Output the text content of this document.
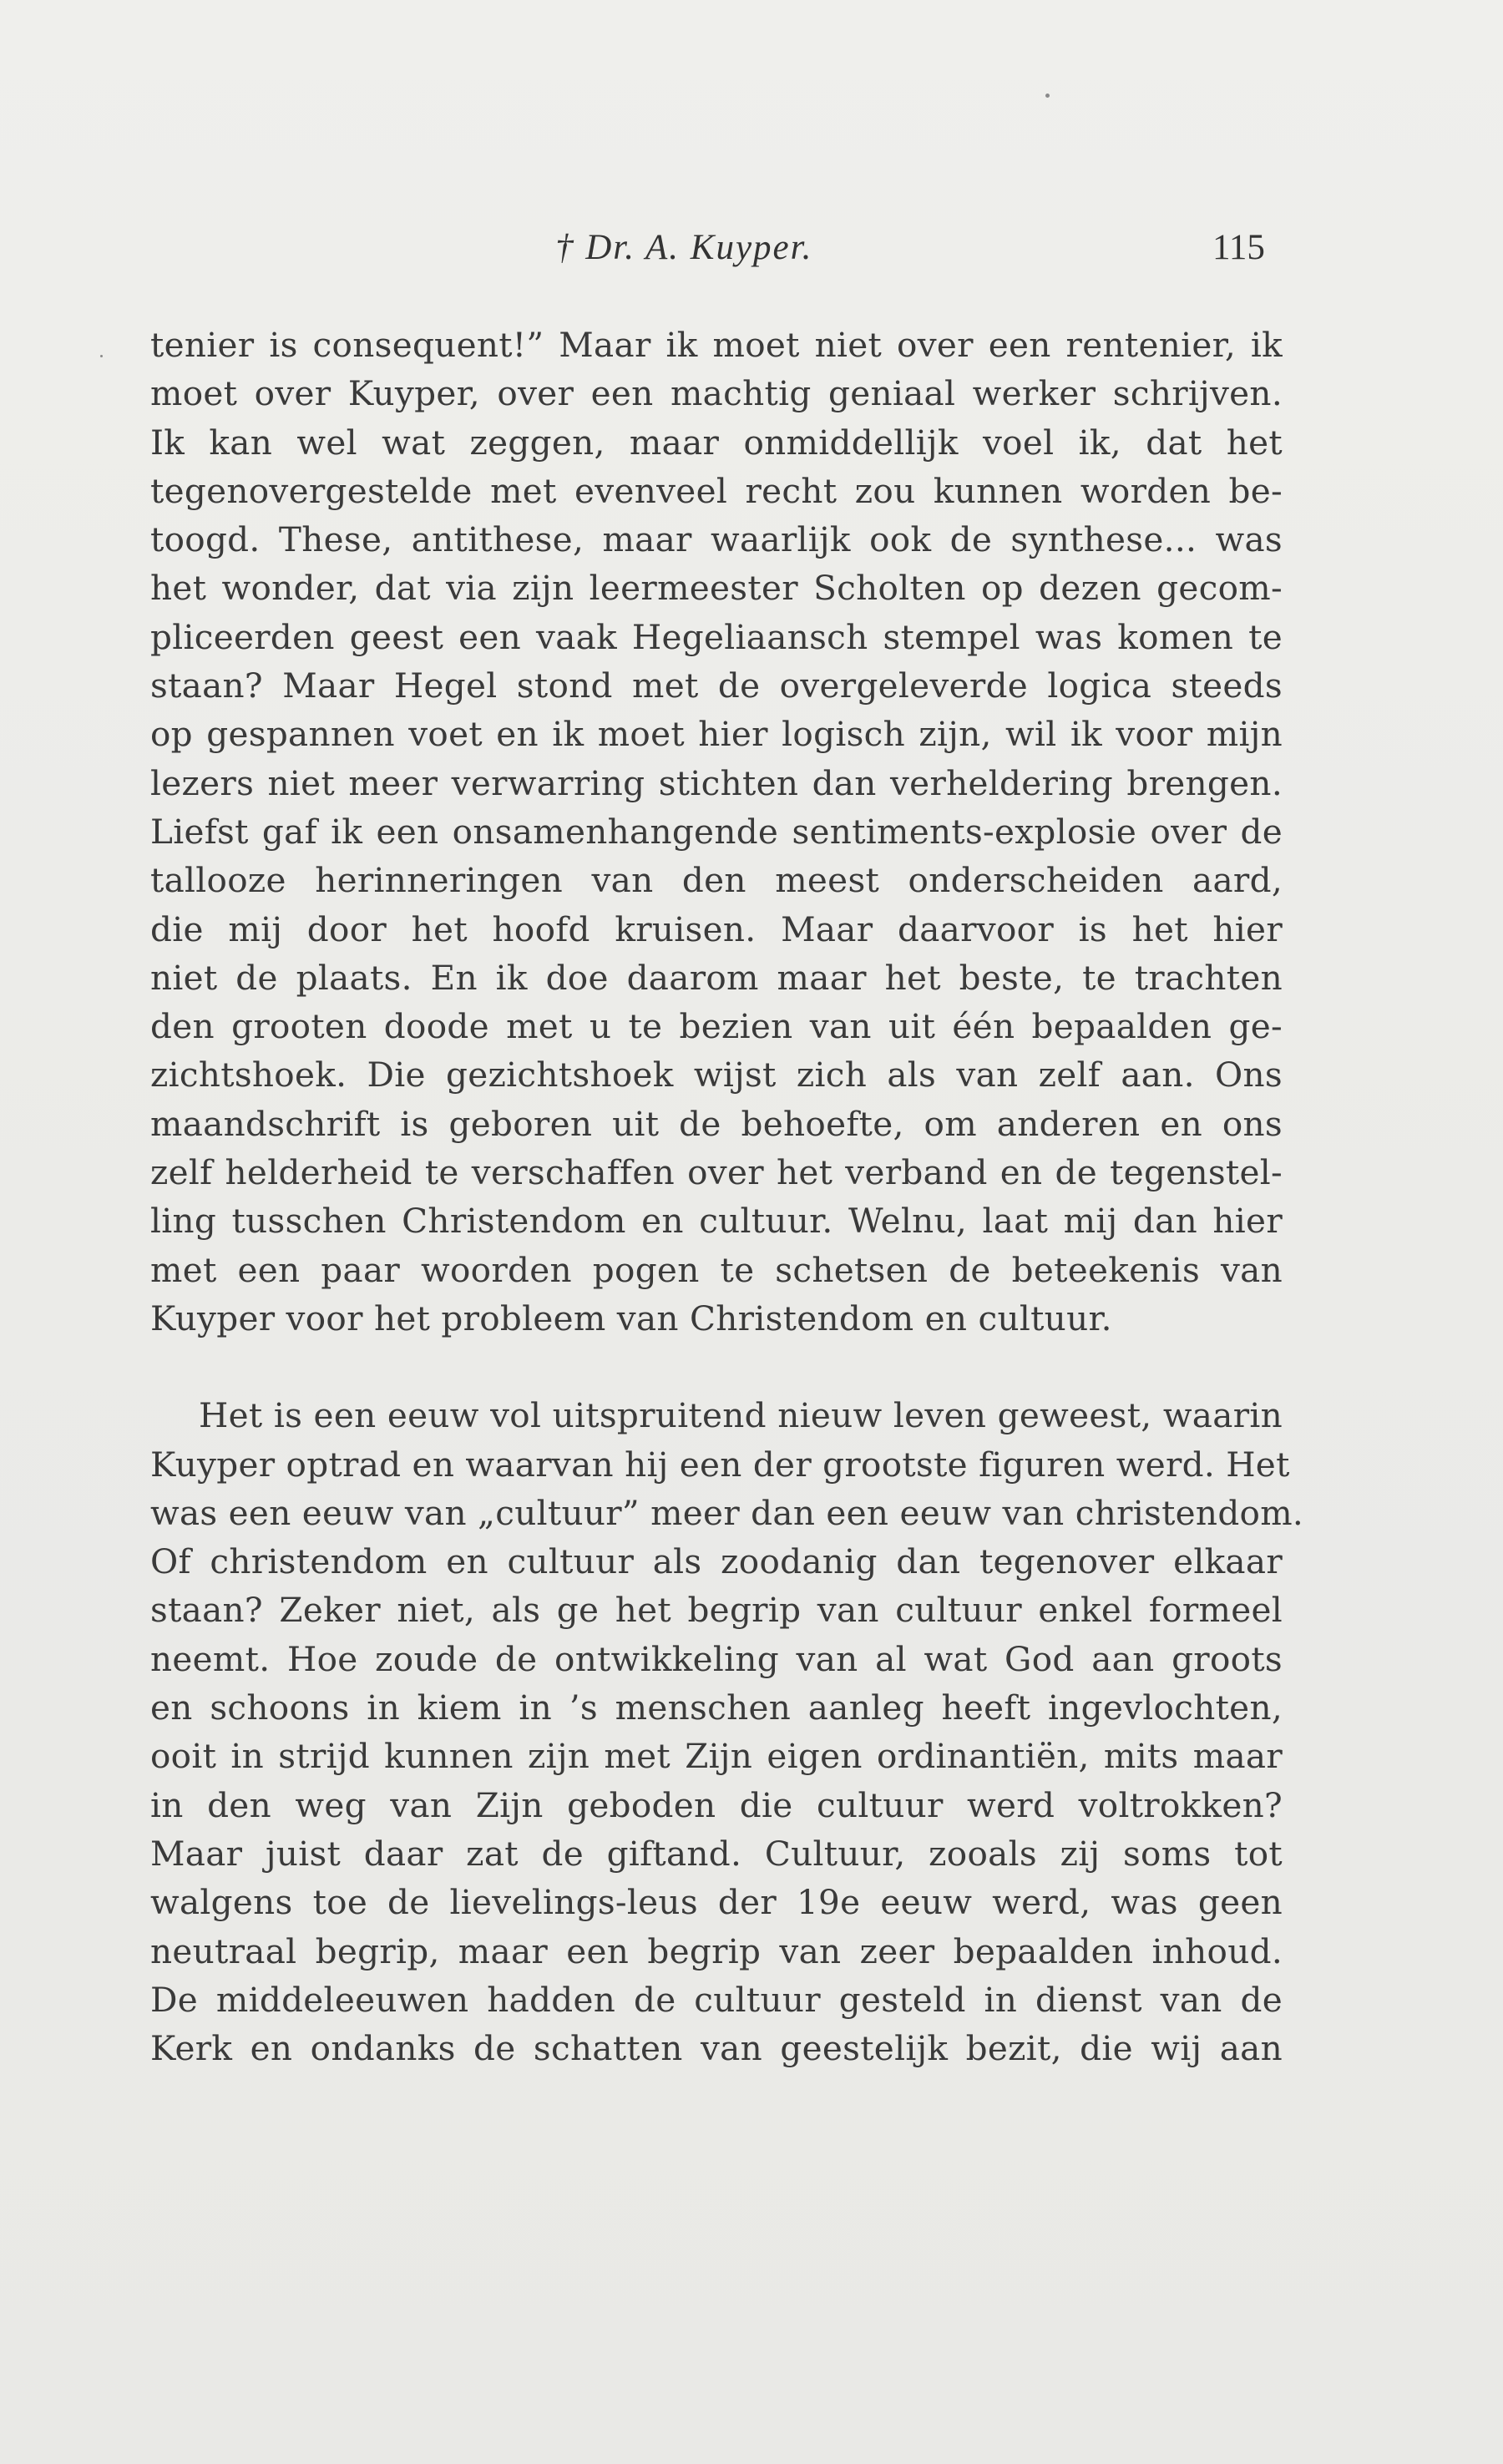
† Dr. A. Kuyper.	115
tenier is consequent!” Maar ik moet niet over een rentenier, ik
moet over Kuyper, over een machtig geniaal werker schrijven.
Ik kan wel wat zeggen, maar onmiddellijk voel ik, dat het
tegenovergestelde met evenveel recht zou kunnen worden be-
toogd. These, antithese, maar waarlijk ook de synthese... was
het wonder, dat via zijn leermeester Scholten op dezen gecom-
pliceerden geest een vaak Hegeliaansch stempel was komen te
staan? Maar Hegel stond met de overgeleverde logica steeds
op gespannen voet en ik moet hier logisch zijn, wil ik voor mijn
lezers niet meer verwarring stichten dan verheldering brengen.
Liefst gaf ik een onsamenhangende sentiments-explosie over de
tallooze herinneringen van den meest onderscheiden aard,
die mij door het hoofd kruisen. Maar daarvoor is het hier
niet de plaats. En ik doe daarom maar het beste, te trachten
den grooten doode met u te bezien van uit één bepaalden ge-
zichtshoek. Die gezichtshoek wijst zich als van zelf aan. Ons
maandschrift is geboren uit de behoefte, om anderen en ons
zelf helderheid te verschaffen over het verband en de tegenstel-
ling tusschen Christendom en cultuur. Welnu, laat mij dan hier
met een paar woorden pogen te schetsen de beteekenis van
Kuyper voor het probleem van Christendom en cultuur.
Het is een eeuw vol uitspruitend nieuw leven geweest, waarin
Kuyper optrad en waarvan hij een der grootste figuren werd. Het
was een eeuw van „cultuur” meer dan een eeuw van christendom.
Of christendom en cultuur als zoodanig dan tegenover elkaar
staan? Zeker niet, als ge het begrip van cultuur enkel formeel
neemt. Hoe zoude de ontwikkeling van al wat God aan groots
en schoons in kiem in ’s menschen aanleg heeft ingevlochten,
ooit in strijd kunnen zijn met Zijn eigen ordinantiën, mits maar
in den weg van Zijn geboden die cultuur werd voltrokken?
Maar juist daar zat de giftand. Cultuur, zooals zij soms tot
walgens toe de lievelings-leus der 19e eeuw werd, was geen
neutraal begrip, maar een begrip van zeer bepaalden inhoud.
De middeleeuwen hadden de cultuur gesteld in dienst van de
Kerk en ondanks de schatten van geestelijk bezit, die wij aan
